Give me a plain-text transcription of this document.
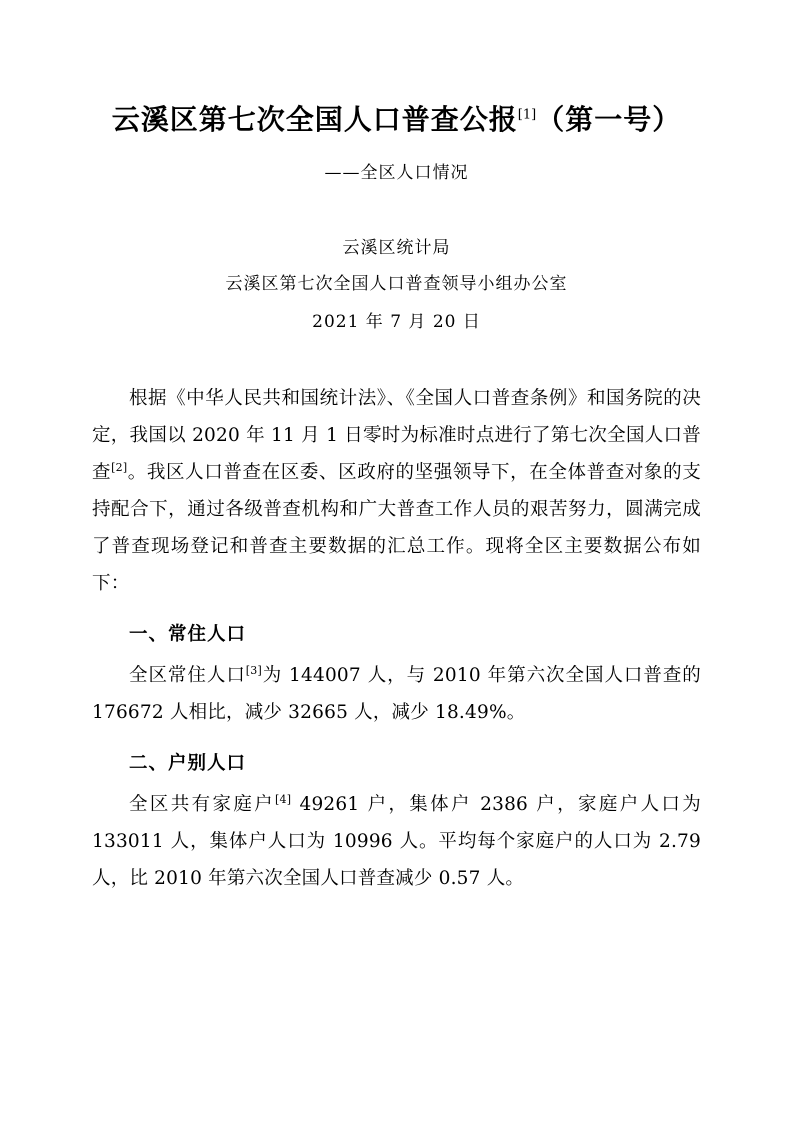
云溪区第七次全国人口普查公报[1]（第一号）
——全区人口情况
云溪区统计局
云溪区第七次全国人口普查领导小组办公室
2021 年 7 月 20 日

根据《中华人民共和国统计法》、《全国人口普查条例》和国务院的决定，我国以 2020 年 11 月 1 日零时为标准时点进行了第七次全国人口普查[2]。我区人口普查在区委、区政府的坚强领导下，在全体普查对象的支持配合下，通过各级普查机构和广大普查工作人员的艰苦努力，圆满完成了普查现场登记和普查主要数据的汇总工作。现将全区主要数据公布如下：

一、常住人口

全区常住人口[3]为 144007 人，与 2010 年第六次全国人口普查的 176672 人相比，减少 32665 人，减少 18.49%。

二、户别人口

全区共有家庭户[4] 49261 户，集体户 2386 户，家庭户人口为 133011 人，集体户人口为 10996 人。平均每个家庭户的人口为 2.79 人，比 2010 年第六次全国人口普查减少 0.57 人。
